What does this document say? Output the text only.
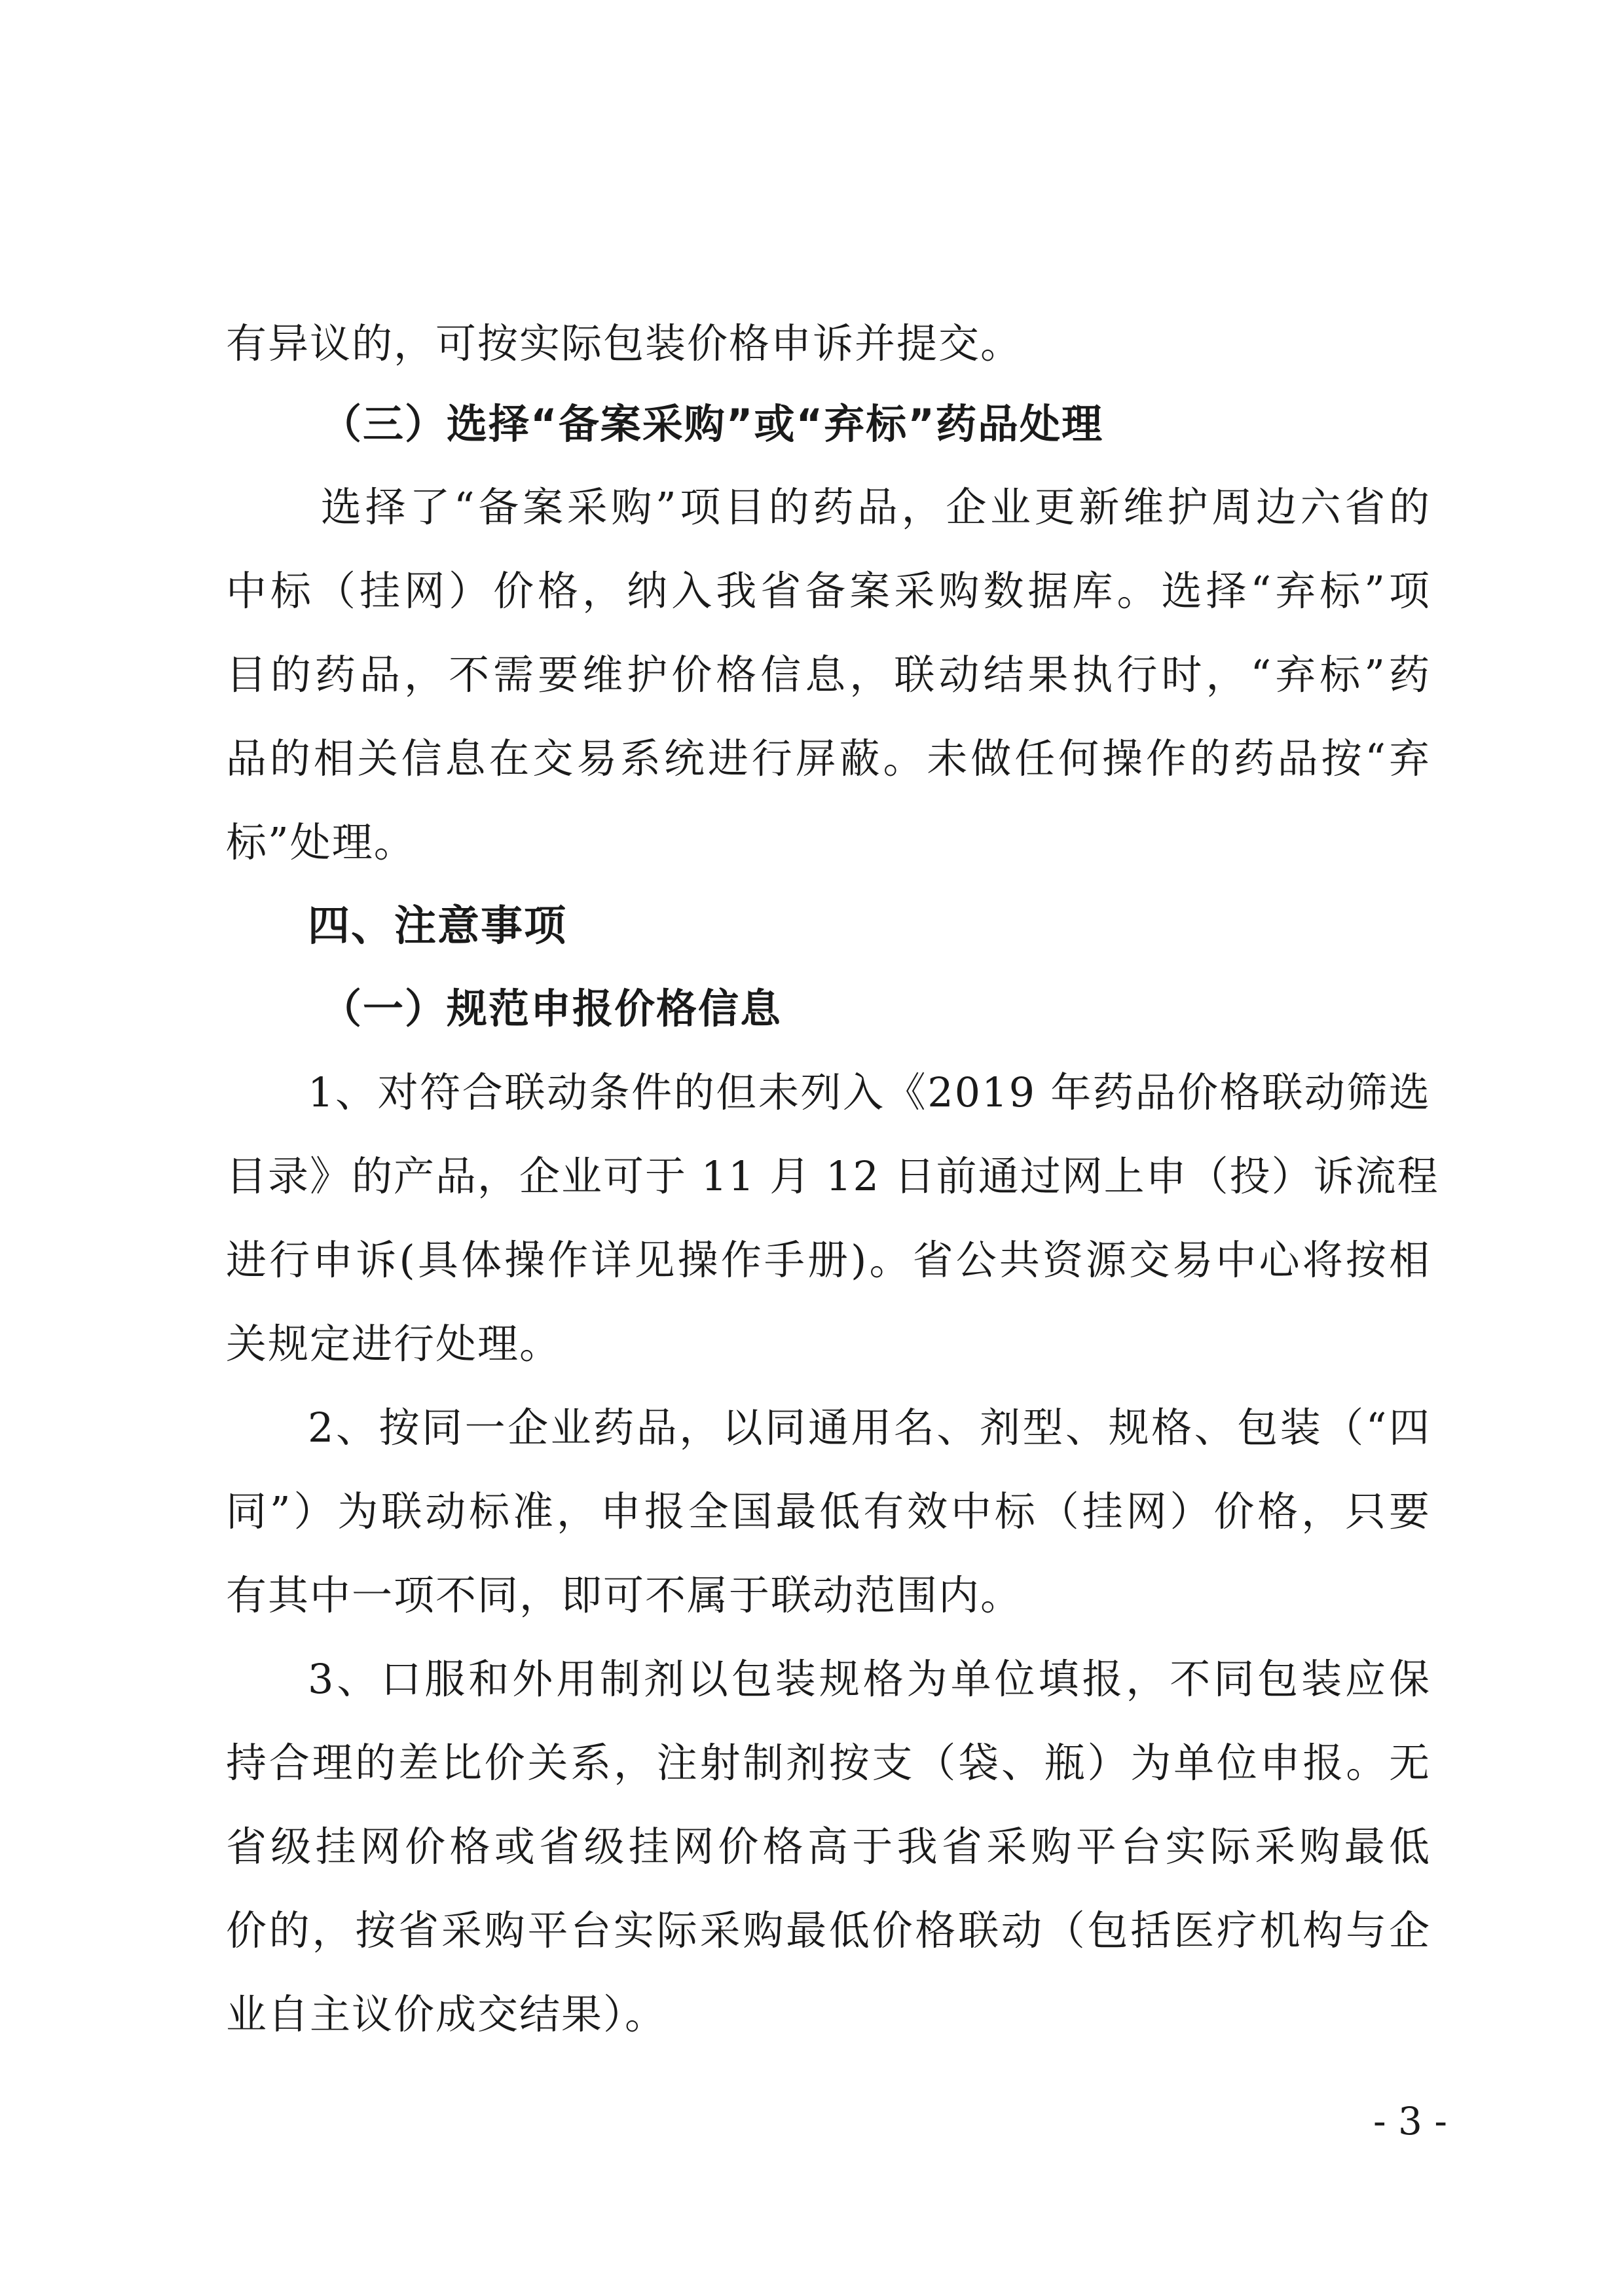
有异议的，可按实际包装价格申诉并提交。
（三）选择“备案采购”或“弃标”药品处理
选择了“备案采购”项目的药品，企业更新维护周边六省的
中标（挂网）价格，纳入我省备案采购数据库。选择“弃标”项
目的药品，不需要维护价格信息，联动结果执行时，“弃标”药
品的相关信息在交易系统进行屏蔽。未做任何操作的药品按“弃
标”处理。
四、注意事项
（一）规范申报价格信息
1、对符合联动条件的但未列入《2019 年药品价格联动筛选
目录》的产品，企业可于 11 月 12 日前通过网上申（投）诉流程
进行申诉(具体操作详见操作手册)。省公共资源交易中心将按相
关规定进行处理。
2、按同一企业药品，以同通用名、剂型、规格、包装（“四
同”）为联动标准，申报全国最低有效中标（挂网）价格，只要
有其中一项不同，即可不属于联动范围内。
3、口服和外用制剂以包装规格为单位填报，不同包装应保
持合理的差比价关系，注射制剂按支（袋、瓶）为单位申报。无
省级挂网价格或省级挂网价格高于我省采购平台实际采购最低
价的，按省采购平台实际采购最低价格联动（包括医疗机构与企
业自主议价成交结果）。
- 3 -
